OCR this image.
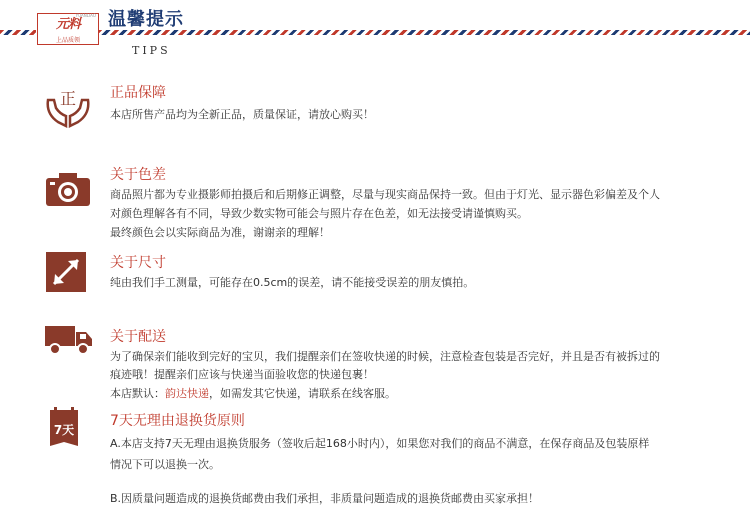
元料
上品质领
YUANLIAO 温馨提示
TIPS
正 正品保障
本店所售产品均为全新正品，质量保证，请放心购买！
关于色差
商品照片都为专业摄影师拍摄后和后期修正调整，尽量与现实商品保持一致。但由于灯光、显示器色彩偏差及个人
对颜色理解各有不同，导致少数实物可能会与照片存在色差，如无法接受请谨慎购买。
最终颜色会以实际商品为准，谢谢亲的理解！
关于尺寸
纯由我们手工测量，可能存在0.5cm的误差，请不能接受误差的朋友慎拍。
关于配送
为了确保亲们能收到完好的宝贝，我们提醒亲们在签收快递的时候，注意检查包装是否完好，并且是否有被拆过的
痕迹哦！提醒亲们应该与快递当面验收您的快递包裹！
本店默认：韵达快递，如需发其它快递，请联系在线客服。
7天
7天无理由退换货原则
A.本店支持7天无理由退换货服务（签收后起168小时内），如果您对我们的商品不满意，在保存商品及包装原样
情况下可以退换一次。
B.因质量问题造成的退换货邮费由我们承担，非质量问题造成的退换货邮费由买家承担！
